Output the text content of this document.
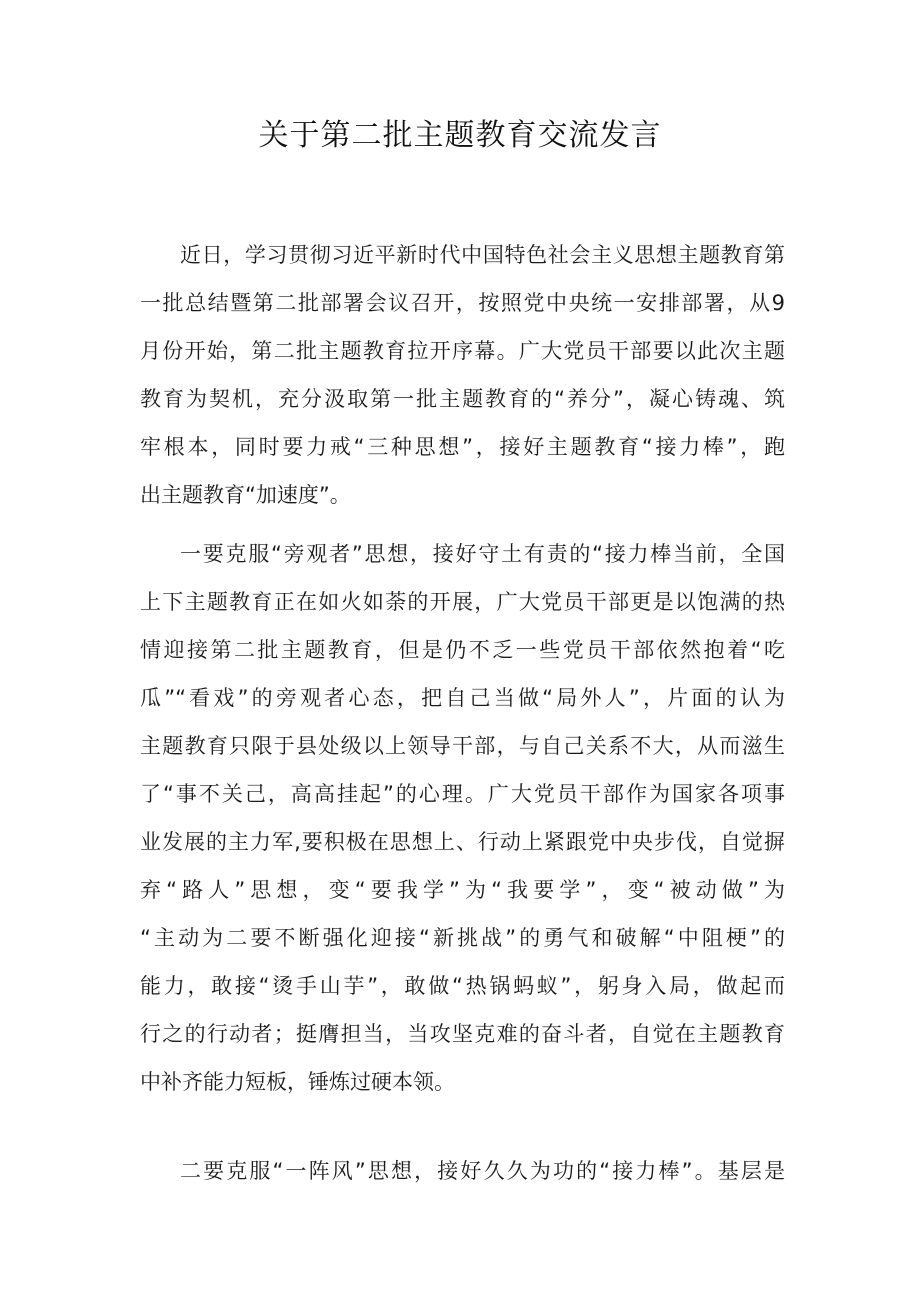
关于第二批主题教育交流发言
近日，学习贯彻习近平新时代中国特色社会主义思想主题教育第
一批总结暨第二批部署会议召开，按照党中央统一安排部署，从9
月份开始，第二批主题教育拉开序幕。广大党员干部要以此次主题
教育为契机，充分汲取第一批主题教育的“养分”，凝心铸魂、筑
牢根本，同时要力戒“三种思想”，接好主题教育“接力棒”，跑
出主题教育“加速度”。
一要克服“旁观者”思想，接好守土有责的“接力棒当前，全国
上下主题教育正在如火如荼的开展，广大党员干部更是以饱满的热
情迎接第二批主题教育，但是仍不乏一些党员干部依然抱着“吃
瓜”“看戏”的旁观者心态，把自己当做“局外人”，片面的认为
主题教育只限于县处级以上领导干部，与自己关系不大，从而滋生
了“事不关己，高高挂起”的心理。广大党员干部作为国家各项事
业发展的主力军,要积极在思想上、行动上紧跟党中央步伐，自觉摒
弃“路人”思想，变“要我学”为“我要学”，变“被动做”为
“主动为二要不断强化迎接“新挑战”的勇气和破解“中阻梗”的
能力，敢接“烫手山芋”，敢做“热锅蚂蚁”，躬身入局，做起而
行之的行动者；挺膺担当，当攻坚克难的奋斗者，自觉在主题教育
中补齐能力短板，锤炼过硬本领。
二要克服“一阵风”思想，接好久久为功的“接力棒”。基层是
